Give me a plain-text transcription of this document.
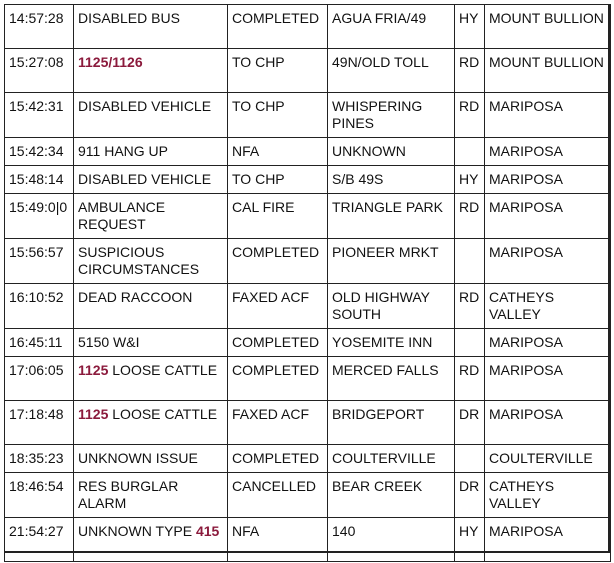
14:57:28	DISABLED BUS	COMPLETED	AGUA FRIA/49	HY	MOUNT BULLION
15:27:08	1125/1126	TO CHP	49N/OLD TOLL	RD	MOUNT BULLION
15:42:31	DISABLED VEHICLE	TO CHP	WHISPERING PINES	RD	MARIPOSA
15:42:34	911 HANG UP	NFA	UNKNOWN		MARIPOSA
15:48:14	DISABLED VEHICLE	TO CHP	S/B 49S	HY	MARIPOSA
15:49:0|0	AMBULANCE REQUEST	CAL FIRE	TRIANGLE PARK	RD	MARIPOSA
15:56:57	SUSPICIOUS CIRCUMSTANCES	COMPLETED	PIONEER MRKT		MARIPOSA
16:10:52	DEAD RACCOON	FAXED ACF	OLD HIGHWAY SOUTH	RD	CATHEYS VALLEY
16:45:11	5150 W&I	COMPLETED	YOSEMITE INN		MARIPOSA
17:06:05	1125 LOOSE CATTLE	COMPLETED	MERCED FALLS	RD	MARIPOSA
17:18:48	1125 LOOSE CATTLE	FAXED ACF	BRIDGEPORT	DR	MARIPOSA
18:35:23	UNKNOWN ISSUE	COMPLETED	COULTERVILLE		COULTERVILLE
18:46:54	RES BURGLAR ALARM	CANCELLED	BEAR CREEK	DR	CATHEYS VALLEY
21:54:27	UNKNOWN TYPE 415	NFA	140	HY	MARIPOSA
